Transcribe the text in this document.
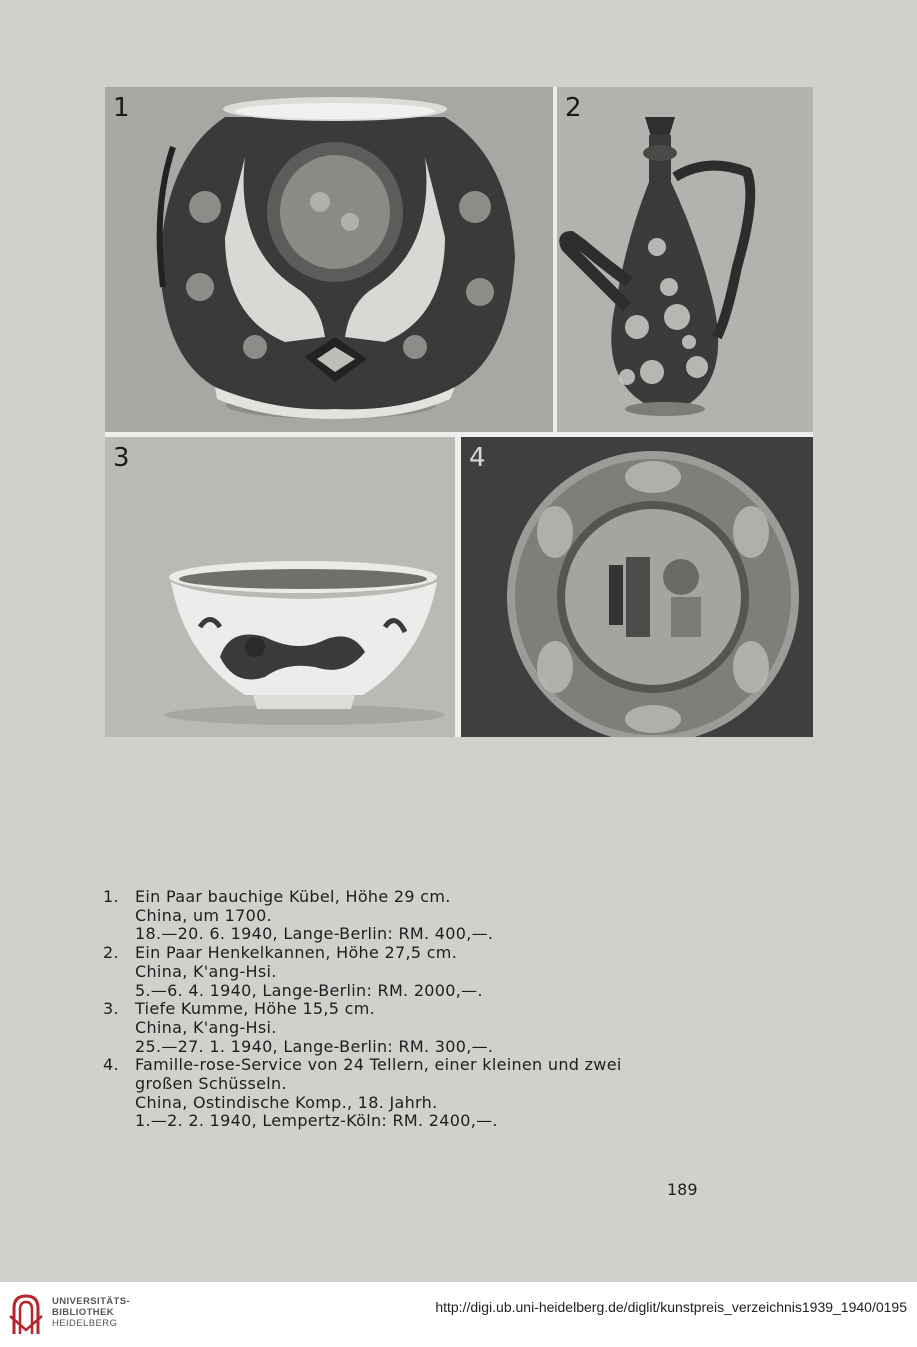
1	2
3	4
1. Ein Paar bauchige Kübel, Höhe 29 cm.
China, um 1700.
18.—20. 6. 1940, Lange-Berlin: RM. 400,—.
2. Ein Paar Henkelkannen, Höhe 27,5 cm.
China, K'ang-Hsi.
5.—6. 4. 1940, Lange-Berlin: RM. 2000,—.
3. Tiefe Kumme, Höhe 15,5 cm.
China, K'ang-Hsi.
25.—27. 1. 1940, Lange-Berlin: RM. 300,—.
4. Famille-rose-Service von 24 Tellern, einer kleinen und zwei
großen Schüsseln.
China, Ostindische Komp., 18. Jahrh.
1.—2. 2. 1940, Lempertz-Köln: RM. 2400,—.
189
UNIVERSITÄTS-
BIBLIOTHEK
HEIDELBERG
http://digi.ub.uni-heidelberg.de/diglit/kunstpreis_verzeichnis1939_1940/0195
